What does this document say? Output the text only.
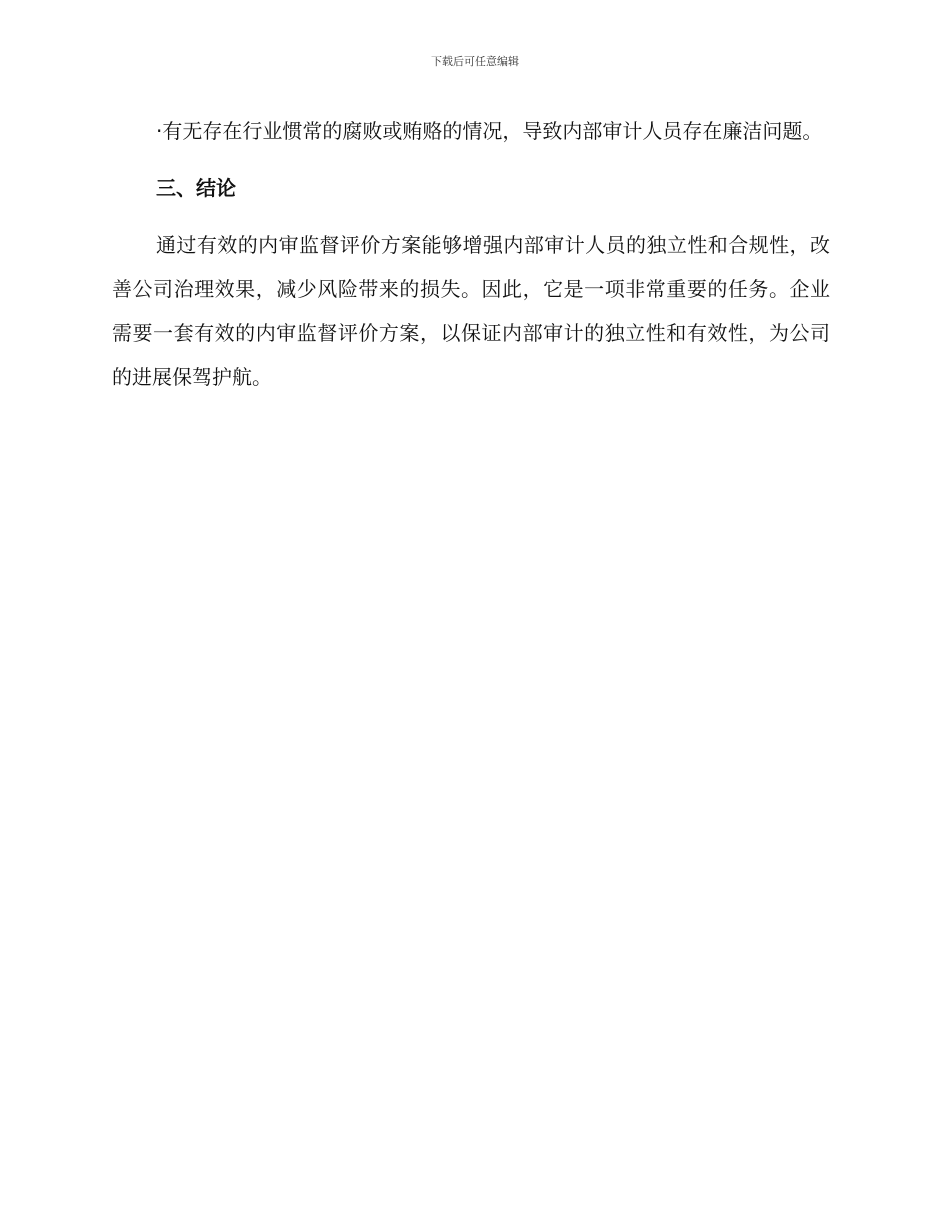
下载后可任意编辑

·有无存在行业惯常的腐败或贿赂的情况，导致内部审计人员存在廉洁问题。

三、结论

通过有效的内审监督评价方案能够增强内部审计人员的独立性和合规性，改善公司治理效果，减少风险带来的损失。因此，它是一项非常重要的任务。企业需要一套有效的内审监督评价方案，以保证内部审计的独立性和有效性，为公司的进展保驾护航。
